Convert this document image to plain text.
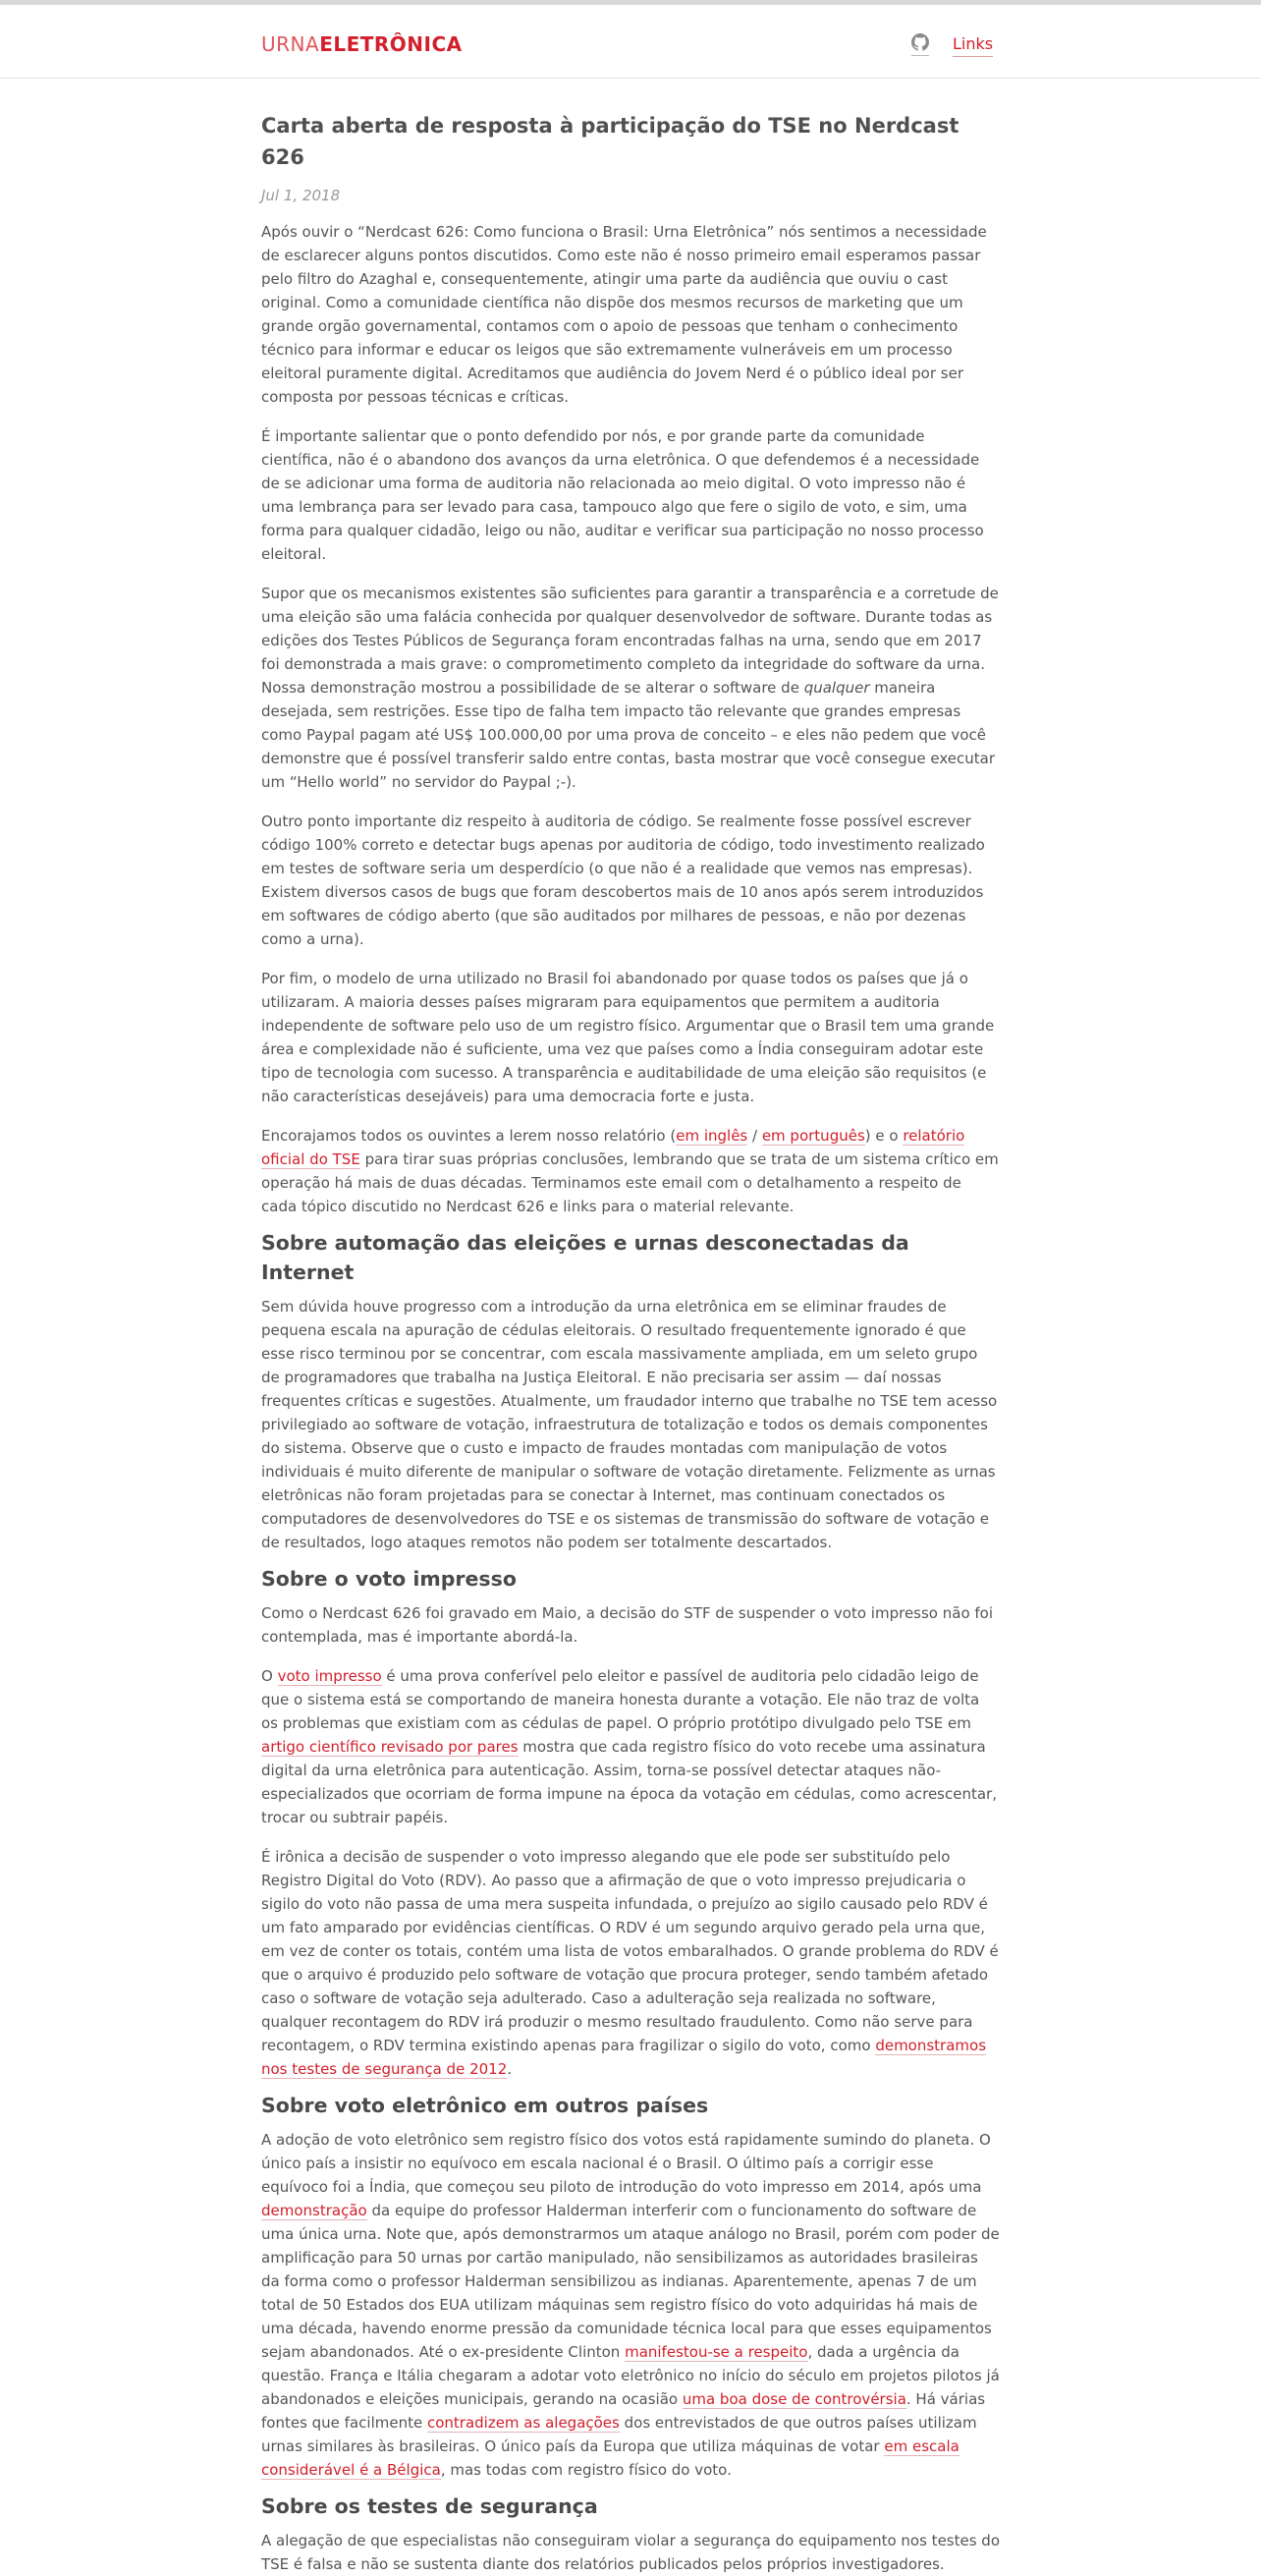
URNAELETRÔNICA	Links
Carta aberta de resposta à participação do TSE no Nerdcast 626
Jul 1, 2018

Após ouvir o “Nerdcast 626: Como funciona o Brasil: Urna Eletrônica” nós sentimos a necessidade de esclarecer alguns pontos discutidos. Como este não é nosso primeiro email esperamos passar pelo filtro do Azaghal e, consequentemente, atingir uma parte da audiência que ouviu o cast original. Como a comunidade científica não dispõe dos mesmos recursos de marketing que um grande orgão governamental, contamos com o apoio de pessoas que tenham o conhecimento técnico para informar e educar os leigos que são extremamente vulneráveis em um processo eleitoral puramente digital. Acreditamos que audiência do Jovem Nerd é o público ideal por ser composta por pessoas técnicas e críticas.

É importante salientar que o ponto defendido por nós, e por grande parte da comunidade científica, não é o abandono dos avanços da urna eletrônica. O que defendemos é a necessidade de se adicionar uma forma de auditoria não relacionada ao meio digital. O voto impresso não é uma lembrança para ser levado para casa, tampouco algo que fere o sigilo de voto, e sim, uma forma para qualquer cidadão, leigo ou não, auditar e verificar sua participação no nosso processo eleitoral.

Supor que os mecanismos existentes são suficientes para garantir a transparência e a corretude de uma eleição são uma falácia conhecida por qualquer desenvolvedor de software. Durante todas as edições dos Testes Públicos de Segurança foram encontradas falhas na urna, sendo que em 2017 foi demonstrada a mais grave: o comprometimento completo da integridade do software da urna. Nossa demonstração mostrou a possibilidade de se alterar o software de qualquer maneira desejada, sem restrições. Esse tipo de falha tem impacto tão relevante que grandes empresas como Paypal pagam até US$ 100.000,00 por uma prova de conceito – e eles não pedem que você demonstre que é possível transferir saldo entre contas, basta mostrar que você consegue executar um “Hello world” no servidor do Paypal ;-).

Outro ponto importante diz respeito à auditoria de código. Se realmente fosse possível escrever código 100% correto e detectar bugs apenas por auditoria de código, todo investimento realizado em testes de software seria um desperdício (o que não é a realidade que vemos nas empresas). Existem diversos casos de bugs que foram descobertos mais de 10 anos após serem introduzidos em softwares de código aberto (que são auditados por milhares de pessoas, e não por dezenas como a urna).

Por fim, o modelo de urna utilizado no Brasil foi abandonado por quase todos os países que já o utilizaram. A maioria desses países migraram para equipamentos que permitem a auditoria independente de software pelo uso de um registro físico. Argumentar que o Brasil tem uma grande área e complexidade não é suficiente, uma vez que países como a Índia conseguiram adotar este tipo de tecnologia com sucesso. A transparência e auditabilidade de uma eleição são requisitos (e não características desejáveis) para uma democracia forte e justa.

Encorajamos todos os ouvintes a lerem nosso relatório (em inglês / em português) e o relatório oficial do TSE para tirar suas próprias conclusões, lembrando que se trata de um sistema crítico em operação há mais de duas décadas. Terminamos este email com o detalhamento a respeito de cada tópico discutido no Nerdcast 626 e links para o material relevante.

Sobre automação das eleições e urnas desconectadas da Internet

Sem dúvida houve progresso com a introdução da urna eletrônica em se eliminar fraudes de pequena escala na apuração de cédulas eleitorais. O resultado frequentemente ignorado é que esse risco terminou por se concentrar, com escala massivamente ampliada, em um seleto grupo de programadores que trabalha na Justiça Eleitoral. E não precisaria ser assim — daí nossas frequentes críticas e sugestões. Atualmente, um fraudador interno que trabalhe no TSE tem acesso privilegiado ao software de votação, infraestrutura de totalização e todos os demais componentes do sistema. Observe que o custo e impacto de fraudes montadas com manipulação de votos individuais é muito diferente de manipular o software de votação diretamente. Felizmente as urnas eletrônicas não foram projetadas para se conectar à Internet, mas continuam conectados os computadores de desenvolvedores do TSE e os sistemas de transmissão do software de votação e de resultados, logo ataques remotos não podem ser totalmente descartados.

Sobre o voto impresso

Como o Nerdcast 626 foi gravado em Maio, a decisão do STF de suspender o voto impresso não foi contemplada, mas é importante abordá-la.

O voto impresso é uma prova conferível pelo eleitor e passível de auditoria pelo cidadão leigo de que o sistema está se comportando de maneira honesta durante a votação. Ele não traz de volta os problemas que existiam com as cédulas de papel. O próprio protótipo divulgado pelo TSE em artigo científico revisado por pares mostra que cada registro físico do voto recebe uma assinatura digital da urna eletrônica para autenticação. Assim, torna-se possível detectar ataques não-especializados que ocorriam de forma impune na época da votação em cédulas, como acrescentar, trocar ou subtrair papéis.

É irônica a decisão de suspender o voto impresso alegando que ele pode ser substituído pelo Registro Digital do Voto (RDV). Ao passo que a afirmação de que o voto impresso prejudicaria o sigilo do voto não passa de uma mera suspeita infundada, o prejuízo ao sigilo causado pelo RDV é um fato amparado por evidências científicas. O RDV é um segundo arquivo gerado pela urna que, em vez de conter os totais, contém uma lista de votos embaralhados. O grande problema do RDV é que o arquivo é produzido pelo software de votação que procura proteger, sendo também afetado caso o software de votação seja adulterado. Caso a adulteração seja realizada no software, qualquer recontagem do RDV irá produzir o mesmo resultado fraudulento. Como não serve para recontagem, o RDV termina existindo apenas para fragilizar o sigilo do voto, como demonstramos nos testes de segurança de 2012.

Sobre voto eletrônico em outros países

A adoção de voto eletrônico sem registro físico dos votos está rapidamente sumindo do planeta. O único país a insistir no equívoco em escala nacional é o Brasil. O último país a corrigir esse equívoco foi a Índia, que começou seu piloto de introdução do voto impresso em 2014, após uma demonstração da equipe do professor Halderman interferir com o funcionamento do software de uma única urna. Note que, após demonstrarmos um ataque análogo no Brasil, porém com poder de amplificação para 50 urnas por cartão manipulado, não sensibilizamos as autoridades brasileiras da forma como o professor Halderman sensibilizou as indianas. Aparentemente, apenas 7 de um total de 50 Estados dos EUA utilizam máquinas sem registro físico do voto adquiridas há mais de uma década, havendo enorme pressão da comunidade técnica local para que esses equipamentos sejam abandonados. Até o ex-presidente Clinton manifestou-se a respeito, dada a urgência da questão. França e Itália chegaram a adotar voto eletrônico no início do século em projetos pilotos já abandonados e eleições municipais, gerando na ocasião uma boa dose de controvérsia. Há várias fontes que facilmente contradizem as alegações dos entrevistados de que outros países utilizam urnas similares às brasileiras. O único país da Europa que utiliza máquinas de votar em escala considerável é a Bélgica, mas todas com registro físico do voto.

Sobre os testes de segurança

A alegação de que especialistas não conseguiram violar a segurança do equipamento nos testes do TSE é falsa e não se sustenta diante dos relatórios publicados pelos próprios investigadores.
